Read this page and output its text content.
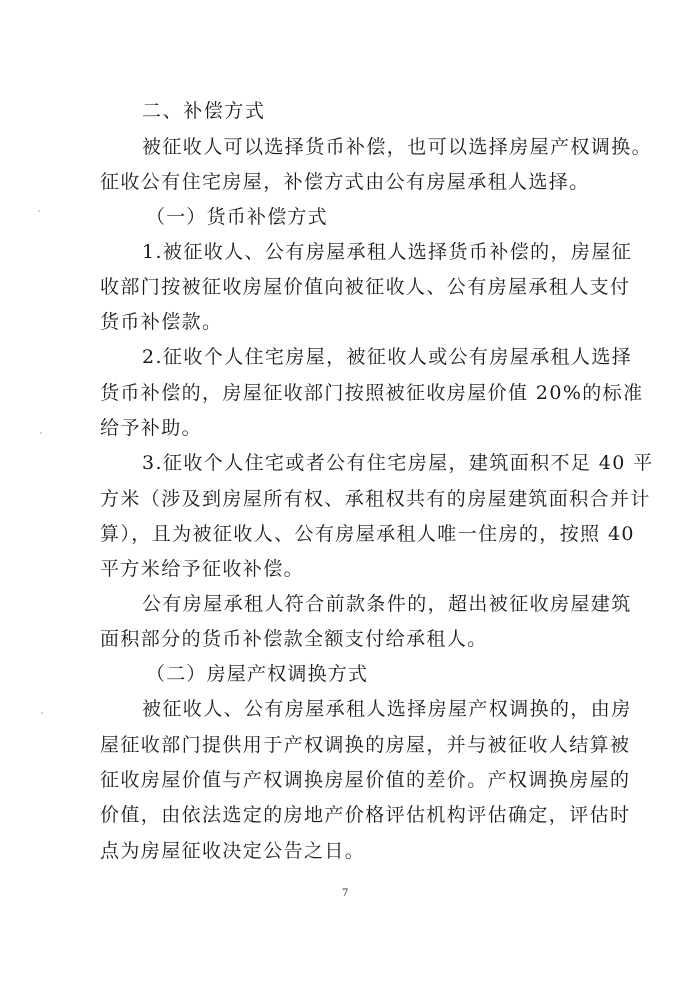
二、补偿方式
被征收人可以选择货币补偿，也可以选择房屋产权调换。
征收公有住宅房屋，补偿方式由公有房屋承租人选择。
（一）货币补偿方式
1.被征收人、公有房屋承租人选择货币补偿的，房屋征
收部门按被征收房屋价值向被征收人、公有房屋承租人支付
货币补偿款。
2.征收个人住宅房屋，被征收人或公有房屋承租人选择
货币补偿的，房屋征收部门按照被征收房屋价值 20%的标准
给予补助。
3.征收个人住宅或者公有住宅房屋，建筑面积不足 40 平
方米（涉及到房屋所有权、承租权共有的房屋建筑面积合并计
算），且为被征收人、公有房屋承租人唯一住房的，按照 40
平方米给予征收补偿。
公有房屋承租人符合前款条件的，超出被征收房屋建筑
面积部分的货币补偿款全额支付给承租人。
（二）房屋产权调换方式
被征收人、公有房屋承租人选择房屋产权调换的，由房
屋征收部门提供用于产权调换的房屋，并与被征收人结算被
征收房屋价值与产权调换房屋价值的差价。产权调换房屋的
价值，由依法选定的房地产价格评估机构评估确定，评估时
点为房屋征收决定公告之日。
7
